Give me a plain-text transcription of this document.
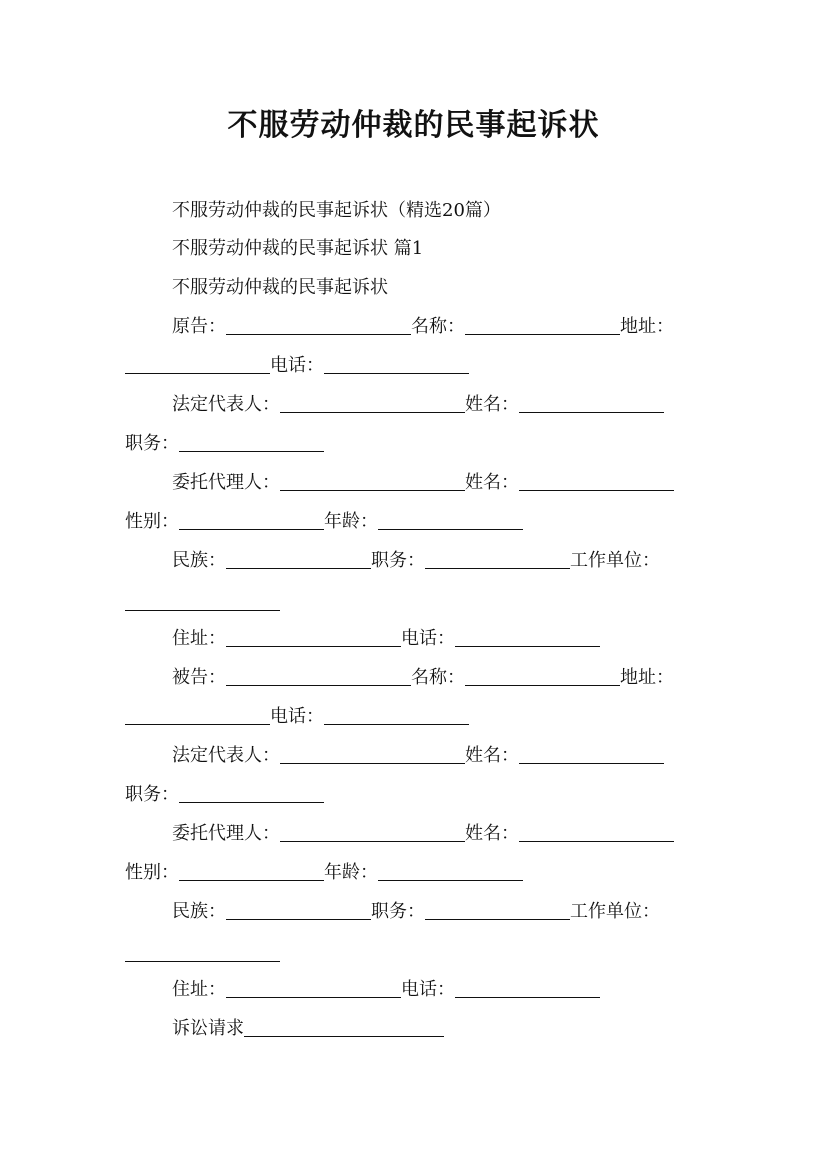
不服劳动仲裁的民事起诉状
不服劳动仲裁的民事起诉状（精选20篇）
不服劳动仲裁的民事起诉状 篇1
不服劳动仲裁的民事起诉状
原告：	名称：	地址：
电话：
法定代表人：	姓名：
职务：
委托代理人：	姓名：
性别：	年龄：
民族：	职务：	工作单位：
住址：	电话：
被告：	名称：	地址：
电话：
法定代表人：	姓名：
职务：
委托代理人：	姓名：
性别：	年龄：
民族：	职务：	工作单位：
住址：	电话：
诉讼请求
